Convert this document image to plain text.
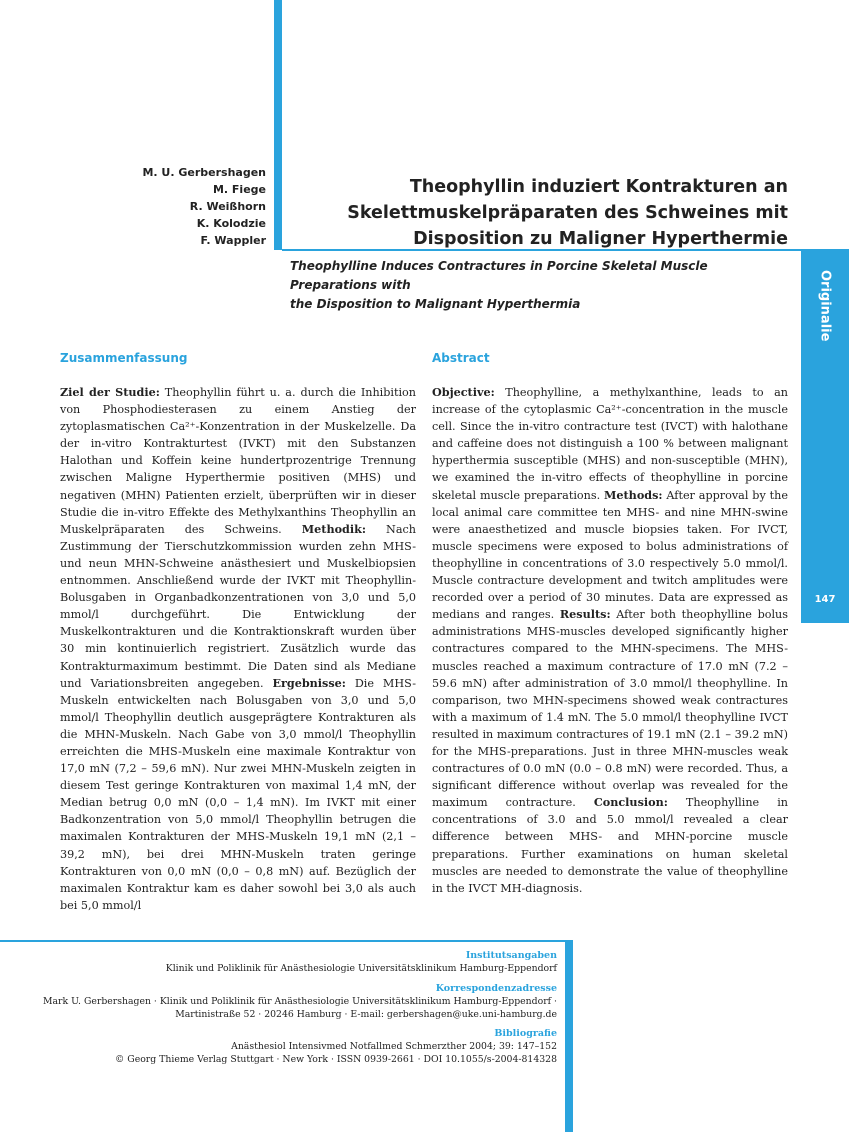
Originalie
147
M. U. Gerbershagen
M. Fiege
R. Weißhorn
K. Kolodzie
F. Wappler
Theophyllin induziert Kontrakturen an
Skelettmuskelpräparaten des Schweines mit
Disposition zu Maligner Hyperthermie
Theophylline Induces Contractures in Porcine Skeletal Muscle Preparations with
the Disposition to Malignant Hyperthermia
Zusammenfassung	Abstract
Ziel der Studie: Theophyllin führt u. a. durch die Inhibition von Phosphodiesterasen zu einem Anstieg der zytoplasmatischen Ca²⁺-Konzentration in der Muskelzelle. Da der in-vitro Kontrakturtest (IVKT) mit den Substanzen Halothan und Koffein keine hundertprozentrige Trennung zwischen Maligne Hyperthermie positiven (MHS) und negativen (MHN) Patienten erzielt, überprüften wir in dieser Studie die in-vitro Effekte des Methylxanthins Theophyllin an Muskelpräparaten des Schweins. Methodik: Nach Zustimmung der Tierschutzkommission wurden zehn MHS- und neun MHN-Schweine anästhesiert und Muskelbiopsien entnommen. Anschließend wurde der IVKT mit Theophyllin-Bolusgaben in Organbadkonzentrationen von 3,0 und 5,0 mmol/l durchgeführt. Die Entwicklung der Muskelkontrakturen und die Kontraktionskraft wurden über 30 min kontinuierlich registriert. Zusätzlich wurde das Kontrakturmaximum bestimmt. Die Daten sind als Mediane und Variationsbreiten angegeben. Ergebnisse: Die MHS-Muskeln entwickelten nach Bolusgaben von 3,0 und 5,0 mmol/l Theophyllin deutlich ausgeprägtere Kontrakturen als die MHN-Muskeln. Nach Gabe von 3,0 mmol/l Theophyllin erreichten die MHS-Muskeln eine maximale Kontraktur von 17,0 mN (7,2 – 59,6 mN). Nur zwei MHN-Muskeln zeigten in diesem Test geringe Kontrakturen von maximal 1,4 mN, der Median betrug 0,0 mN (0,0 – 1,4 mN). Im IVKT mit einer Badkonzentration von 5,0 mmol/l Theophyllin betrugen die maximalen Kontrakturen der MHS-Muskeln 19,1 mN (2,1 – 39,2 mN), bei drei MHN-Muskeln traten geringe Kontrakturen von 0,0 mN (0,0 – 0,8 mN) auf. Bezüglich der maximalen Kontraktur kam es daher sowohl bei 3,0 als auch bei 5,0 mmol/l
Objective: Theophylline, a methylxanthine, leads to an increase of the cytoplasmic Ca²⁺-concentration in the muscle cell. Since the in-vitro contracture test (IVCT) with halothane and caffeine does not distinguish a 100 % between malignant hyperthermia susceptible (MHS) and non-susceptible (MHN), we examined the in-vitro effects of theophylline in porcine skeletal muscle preparations. Methods: After approval by the local animal care committee ten MHS- and nine MHN-swine were anaesthetized and muscle biopsies taken. For IVCT, muscle specimens were exposed to bolus administrations of theophylline in concentrations of 3.0 respectively 5.0 mmol/l. Muscle contracture development and twitch amplitudes were recorded over a period of 30 minutes. Data are expressed as medians and ranges. Results: After both theophylline bolus administrations MHS-muscles developed significantly higher contractures compared to the MHN-specimens. The MHS-muscles reached a maximum contracture of 17.0 mN (7.2 – 59.6 mN) after administration of 3.0 mmol/l theophylline. In comparison, two MHN-specimens showed weak contractures with a maximum of 1.4 mN. The 5.0 mmol/l theophylline IVCT resulted in maximum contractures of 19.1 mN (2.1 – 39.2 mN) for the MHS-preparations. Just in three MHN-muscles weak contractures of 0.0 mN (0.0 – 0.8 mN) were recorded. Thus, a significant difference without overlap was revealed for the maximum contracture. Conclusion: Theophylline in concentrations of 3.0 and 5.0 mmol/l revealed a clear difference between MHS- and MHN-porcine muscle preparations. Further examinations on human skeletal muscles are needed to demonstrate the value of theophylline in the IVCT MH-diagnosis.
Institutsangaben
Klinik und Poliklinik für Anästhesiologie Universitätsklinikum Hamburg-Eppendorf
Korrespondenzadresse
Mark U. Gerbershagen · Klinik und Poliklinik für Anästhesiologie Universitätsklinikum Hamburg-Eppendorf ·
Martinistraße 52 · 20246 Hamburg · E-mail: gerbershagen@uke.uni-hamburg.de
Bibliografie
Anästhesiol Intensivmed Notfallmed Schmerzther 2004; 39: 147–152
© Georg Thieme Verlag Stuttgart · New York · ISSN 0939-2661 · DOI 10.1055/s-2004-814328
